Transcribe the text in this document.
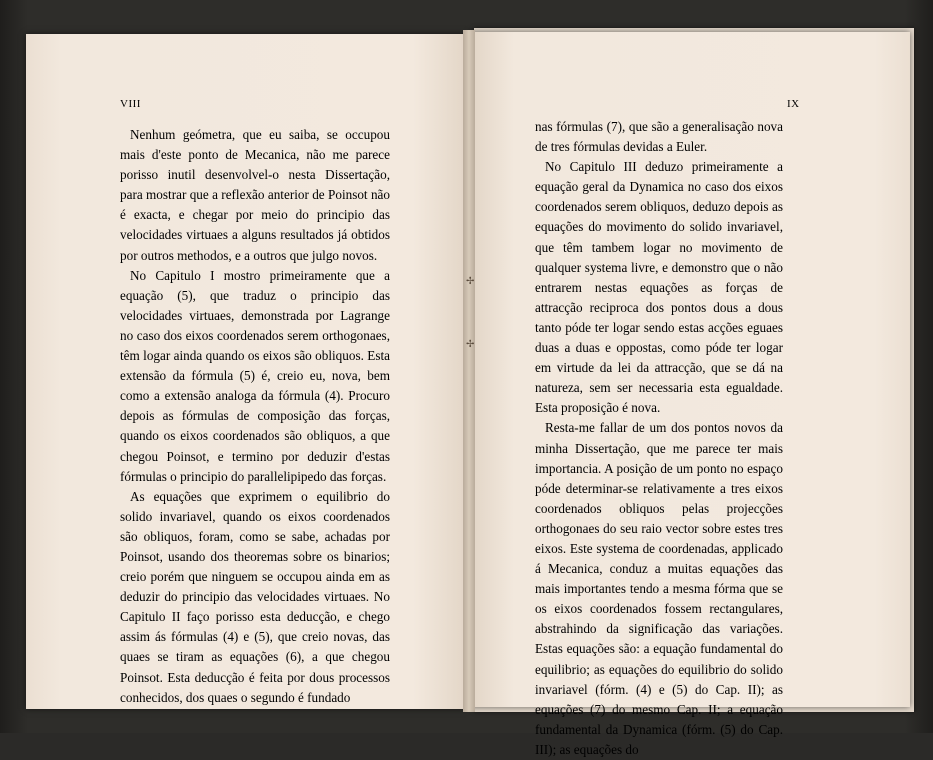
VIII	IX

Nenhum geómetra, que eu saiba, se occupou mais d'este ponto de Mecanica, não me parece porisso inutil desenvolvel-o nesta Dissertação, para mostrar que a reflexão anterior de Poinsot não é exacta, e chegar por meio do principio das velocidades virtuaes a alguns resultados já obtidos por outros methodos, e a outros que julgo novos.

No Capitulo I mostro primeiramente que a equação (5), que traduz o principio das velocidades virtuaes, demonstrada por Lagrange no caso dos eixos coordenados serem orthogonaes, têm logar ainda quando os eixos são obliquos. Esta extensão da fórmula (5) é, creio eu, nova, bem como a extensão analoga da fórmula (4). Procuro depois as fórmulas de composição das forças, quando os eixos coordenados são obliquos, a que chegou Poinsot, e termino por deduzir d'estas fórmulas o principio do parallelipipedo das forças.

As equações que exprimem o equilibrio do solido invariavel, quando os eixos coordenados são obliquos, foram, como se sabe, achadas por Poinsot, usando dos theoremas sobre os binarios; creio porém que ninguem se occupou ainda em as deduzir do principio das velocidades virtuaes. No Capitulo II faço porisso esta deducção, e chego assim ás fórmulas (4) e (5), que creio novas, das quaes se tiram as equações (6), a que chegou Poinsot. Esta deducção é feita por dous processos conhecidos, dos quaes o segundo é fundado

nas fórmulas (7), que são a generalisação nova de tres fórmulas devidas a Euler.

No Capitulo III deduzo primeiramente a equação geral da Dynamica no caso dos eixos coordenados serem obliquos, deduzo depois as equações do movimento do solido invariavel, que têm tambem logar no movimento de qualquer systema livre, e demonstro que o não entrarem nestas equações as forças de attracção reciproca dos pontos dous a dous tanto póde ter logar sendo estas acções eguaes duas a duas e oppostas, como póde ter logar em virtude da lei da attracção, que se dá na natureza, sem ser necessaria esta egualdade. Esta proposição é nova.

Resta-me fallar de um dos pontos novos da minha Dissertação, que me parece ter mais importancia. A posição de um ponto no espaço póde determinar-se relativamente a tres eixos coordenados obliquos pelas projecções orthogonaes do seu raio vector sobre estes tres eixos. Este systema de coordenadas, applicado á Mecanica, conduz a muitas equações das mais importantes tendo a mesma fórma que se os eixos coordenados fossem rectangulares, abstrahindo da significação das variações. Estas equações são: a equação fundamental do equilibrio; as equações do equilibrio do solido invariavel (fórm. (4) e (5) do Cap. II); as equações (7) do mesmo Cap. II; a equação fundamental da Dynamica (fórm. (5) do Cap. III); as equações do

✢
✢
